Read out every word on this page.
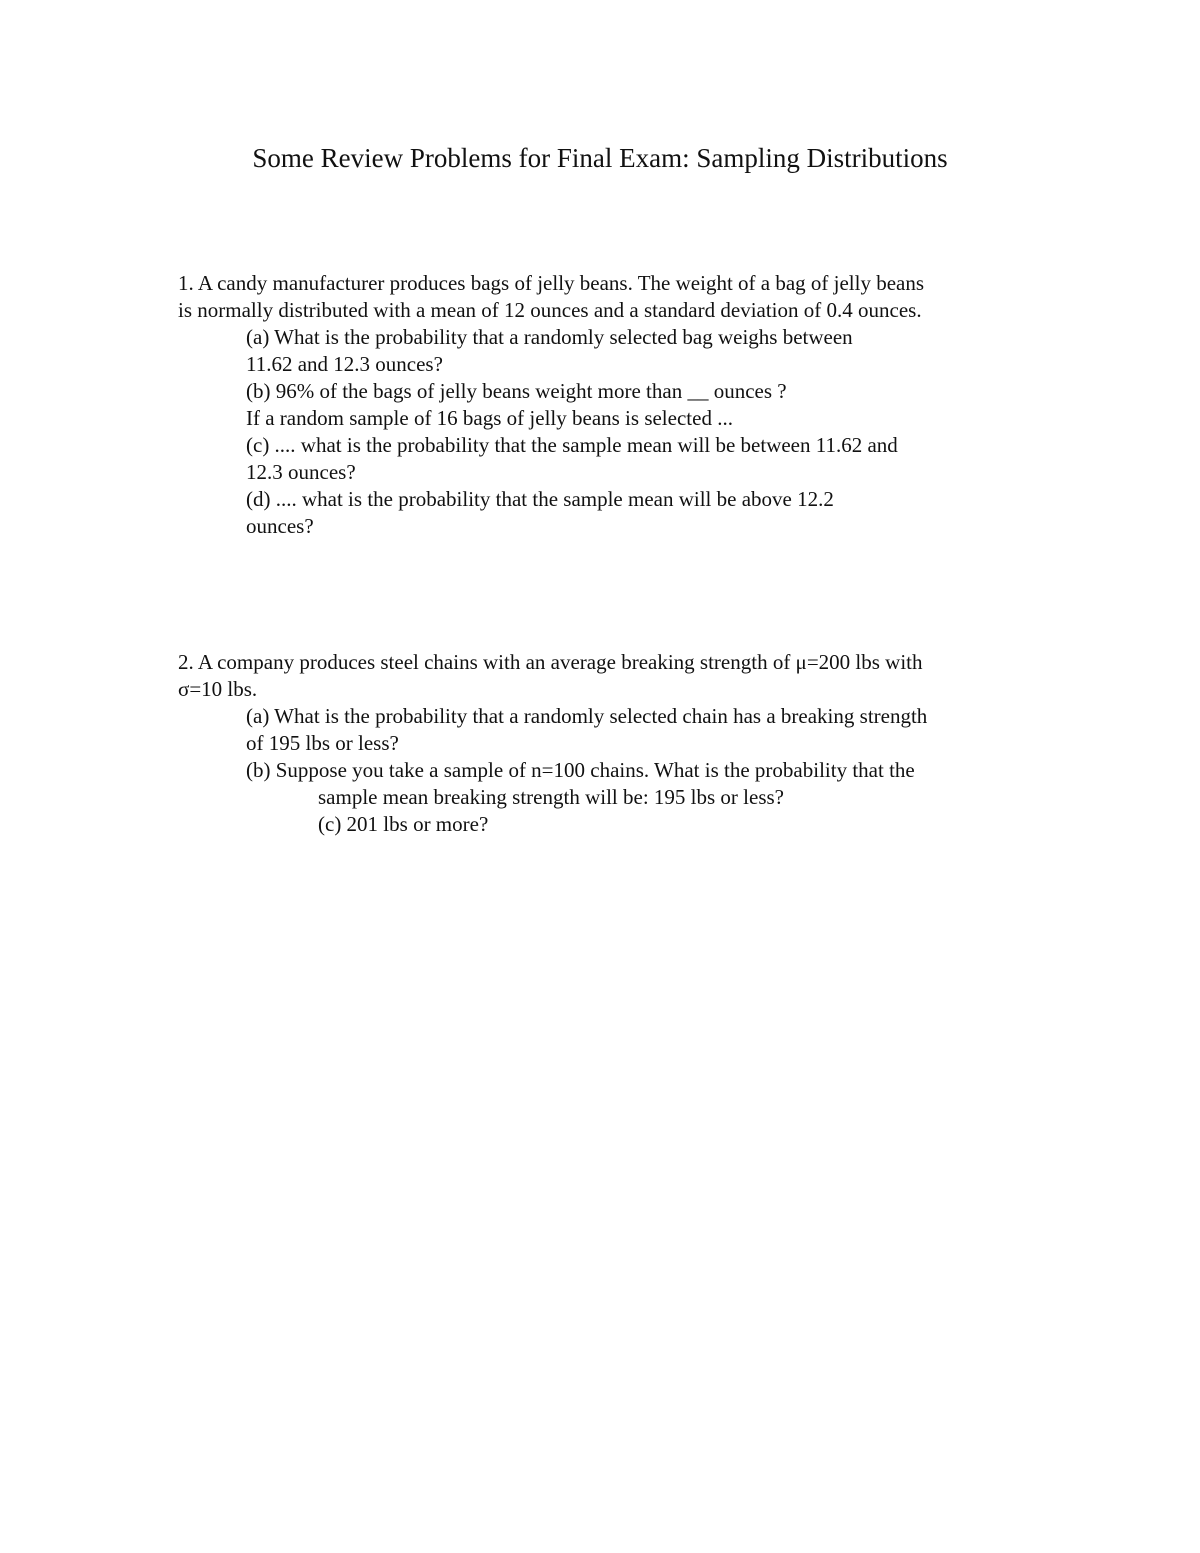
Some Review Problems for Final Exam: Sampling Distributions
1. A candy manufacturer produces bags of jelly beans. The weight of a bag of jelly beans
is normally distributed with a mean of 12 ounces and a standard deviation of 0.4 ounces.
(a) What is the probability that a randomly selected bag weighs between
11.62 and 12.3 ounces?
(b) 96% of the bags of jelly beans weight more than __ ounces ?
If a random sample of 16 bags of jelly beans is selected ...
(c) .... what is the probability that the sample mean will be between 11.62 and
12.3 ounces?
(d) .... what is the probability that the sample mean will be above 12.2
ounces?
2. A company produces steel chains with an average breaking strength of μ=200 lbs with
σ=10 lbs.
(a) What is the probability that a randomly selected chain has a breaking strength
of 195 lbs or less?
(b) Suppose you take a sample of n=100 chains. What is the probability that the
sample mean breaking strength will be: 195 lbs or less?
(c) 201 lbs or more?
